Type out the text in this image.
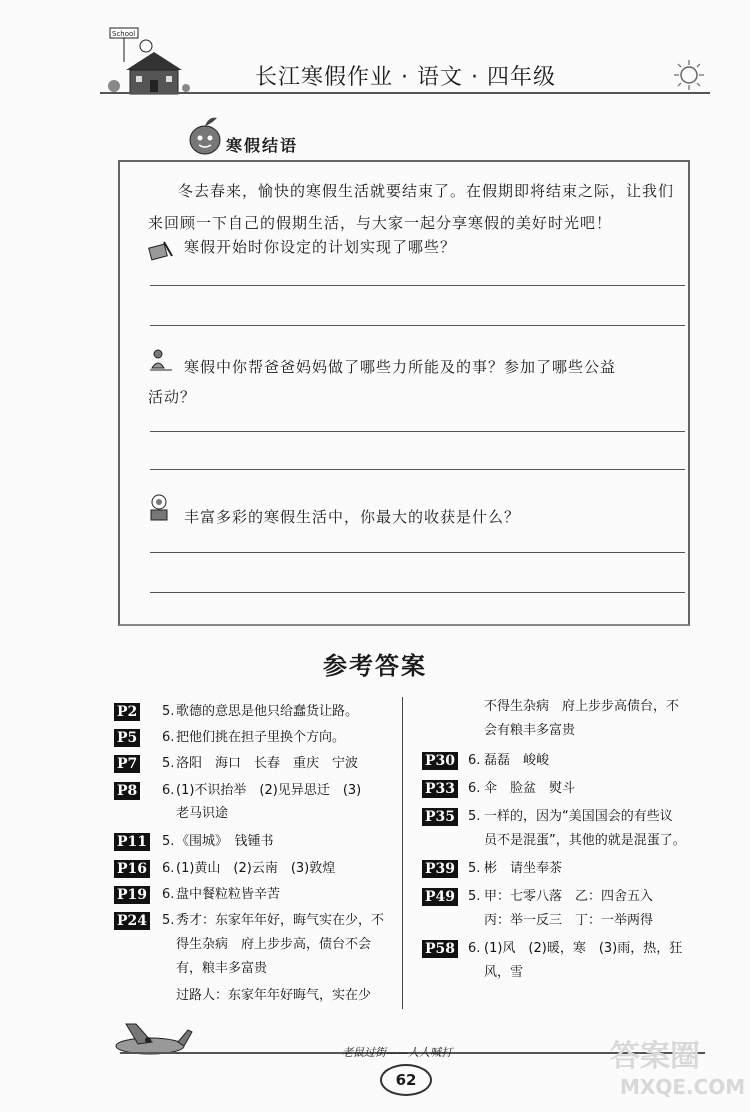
School
长江寒假作业 · 语文 · 四年级
寒假结语
冬去春来，愉快的寒假生活就要结束了。在假期即将结束之际，让我们来回顾一下自己的假期生活，与大家一起分享寒假的美好时光吧！
寒假开始时你设定的计划实现了哪些？
寒假中你帮爸爸妈妈做了哪些力所能及的事？参加了哪些公益
活动？
丰富多彩的寒假生活中，你最大的收获是什么？
参考答案
P2 5. 歌德的意思是他只给蠢货让路。
P5 6. 把他们挑在担子里换个方向。
P7 5. 洛阳　海口　长春　重庆　宁波
P8 6. (1)不识抬举　(2)见异思迁　(3)
老马识途
P11 5. 《围城》　钱锺书
P16 6. (1)黄山　(2)云南　(3)敦煌
P19 6. 盘中餐粒粒皆辛苦
P24 5. 秀才：东家年年好，晦气实在少，不
得生杂病　府上步步高，债台不会
有，粮丰多富贵
过路人：东家年年好晦气，实在少
不得生杂病　府上步步高债台，不
会有粮丰多富贵
P30 6. 磊磊　峻峻
P33 6. 伞　脸盆　熨斗
P35 5. 一样的，因为“美国国会的有些议
员不是混蛋”，其他的就是混蛋了。
P39 5. 彬　请坐奉茶
P49 5. 甲：七零八落　乙：四舍五入
丙：举一反三　丁：一举两得
P58 6. (1)风　(2)暖，寒　(3)雨，热，狂
风，雪
老鼠过街——人人喊打
62
答案圈
MXQE.COM
